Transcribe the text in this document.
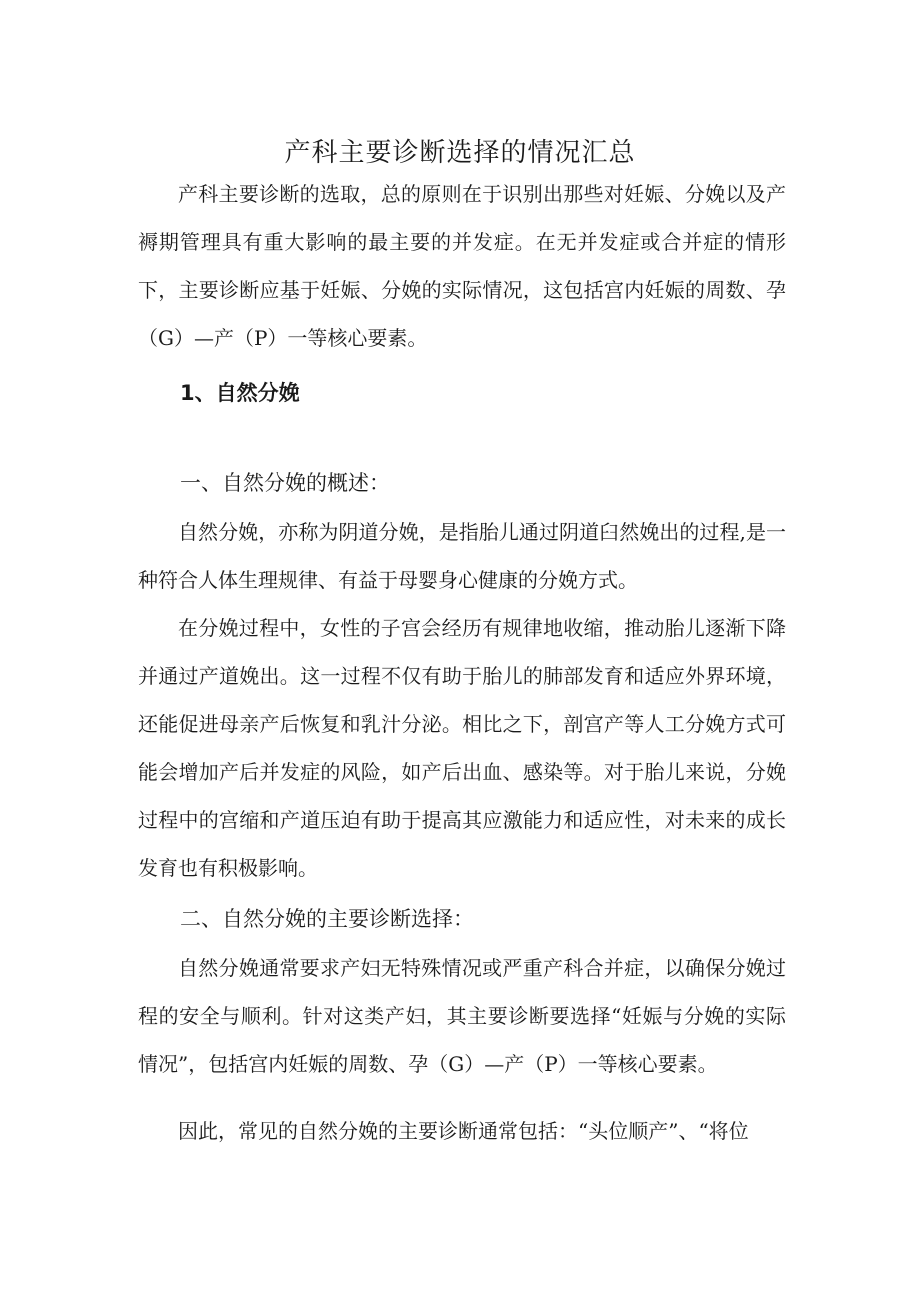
产科主要诊断选择的情况汇总

产科主要诊断的选取，总的原则在于识别出那些对妊娠、分娩以及产褥期管理具有重大影响的最主要的并发症。在无并发症或合并症的情形下，主要诊断应基于妊娠、分娩的实际情况，这包括宫内妊娠的周数、孕（G）—产（P）一等核心要素。

1、自然分娩
一、自然分娩的概述：

自然分娩，亦称为阴道分娩，是指胎儿通过阴道臼然娩出的过程,是一种符合人体生理规律、有益于母婴身心健康的分娩方式。

在分娩过程中，女性的子宫会经历有规律地收缩，推动胎儿逐渐下降并通过产道娩出。这一过程不仅有助于胎儿的肺部发育和适应外界环境，还能促进母亲产后恢复和乳汁分泌。相比之下，剖宫产等人工分娩方式可能会增加产后并发症的风险，如产后出血、感染等。对于胎儿来说，分娩过程中的宫缩和产道压迫有助于提高其应激能力和适应性，对未来的成长发育也有积极影响。

二、自然分娩的主要诊断选择：

自然分娩通常要求产妇无特殊情况或严重产科合并症，以确保分娩过程的安全与顺利。针对这类产妇，其主要诊断要选择“妊娠与分娩的实际情况”，包括宫内妊娠的周数、孕（G）—产（P）一等核心要素。

因此，常见的自然分娩的主要诊断通常包括：“头位顺产”、“将位
